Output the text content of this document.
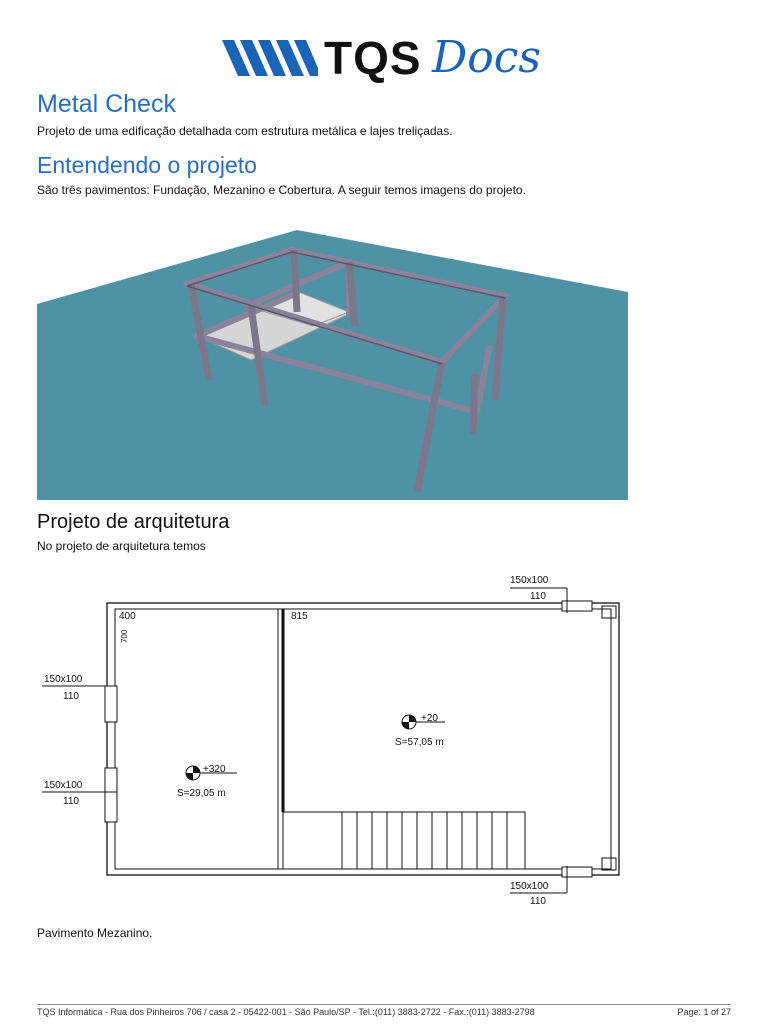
TQS Docs
Metal Check
Projeto de uma edificação detalhada com estrutura metálica e lajes treliçadas.
Entendendo o projeto
São três pavimentos: Fundação, Mezanino e Cobertura. A seguir temos imagens do projeto.
Projeto de arquitetura
No projeto de arquitetura temos
400	815
700
150x100
110
150x100
110
150x100
110
150x100
110
+320
S=29,05 m
+20
S=57,05 m
Pavimento Mezanino.
TQS Informática - Rua dos Pinheiros 706 / casa 2 - 05422-001 - São Paulo/SP - Tel.:(011) 3883-2722 - Fax.:(011) 3883-2798	Page: 1 of 27
